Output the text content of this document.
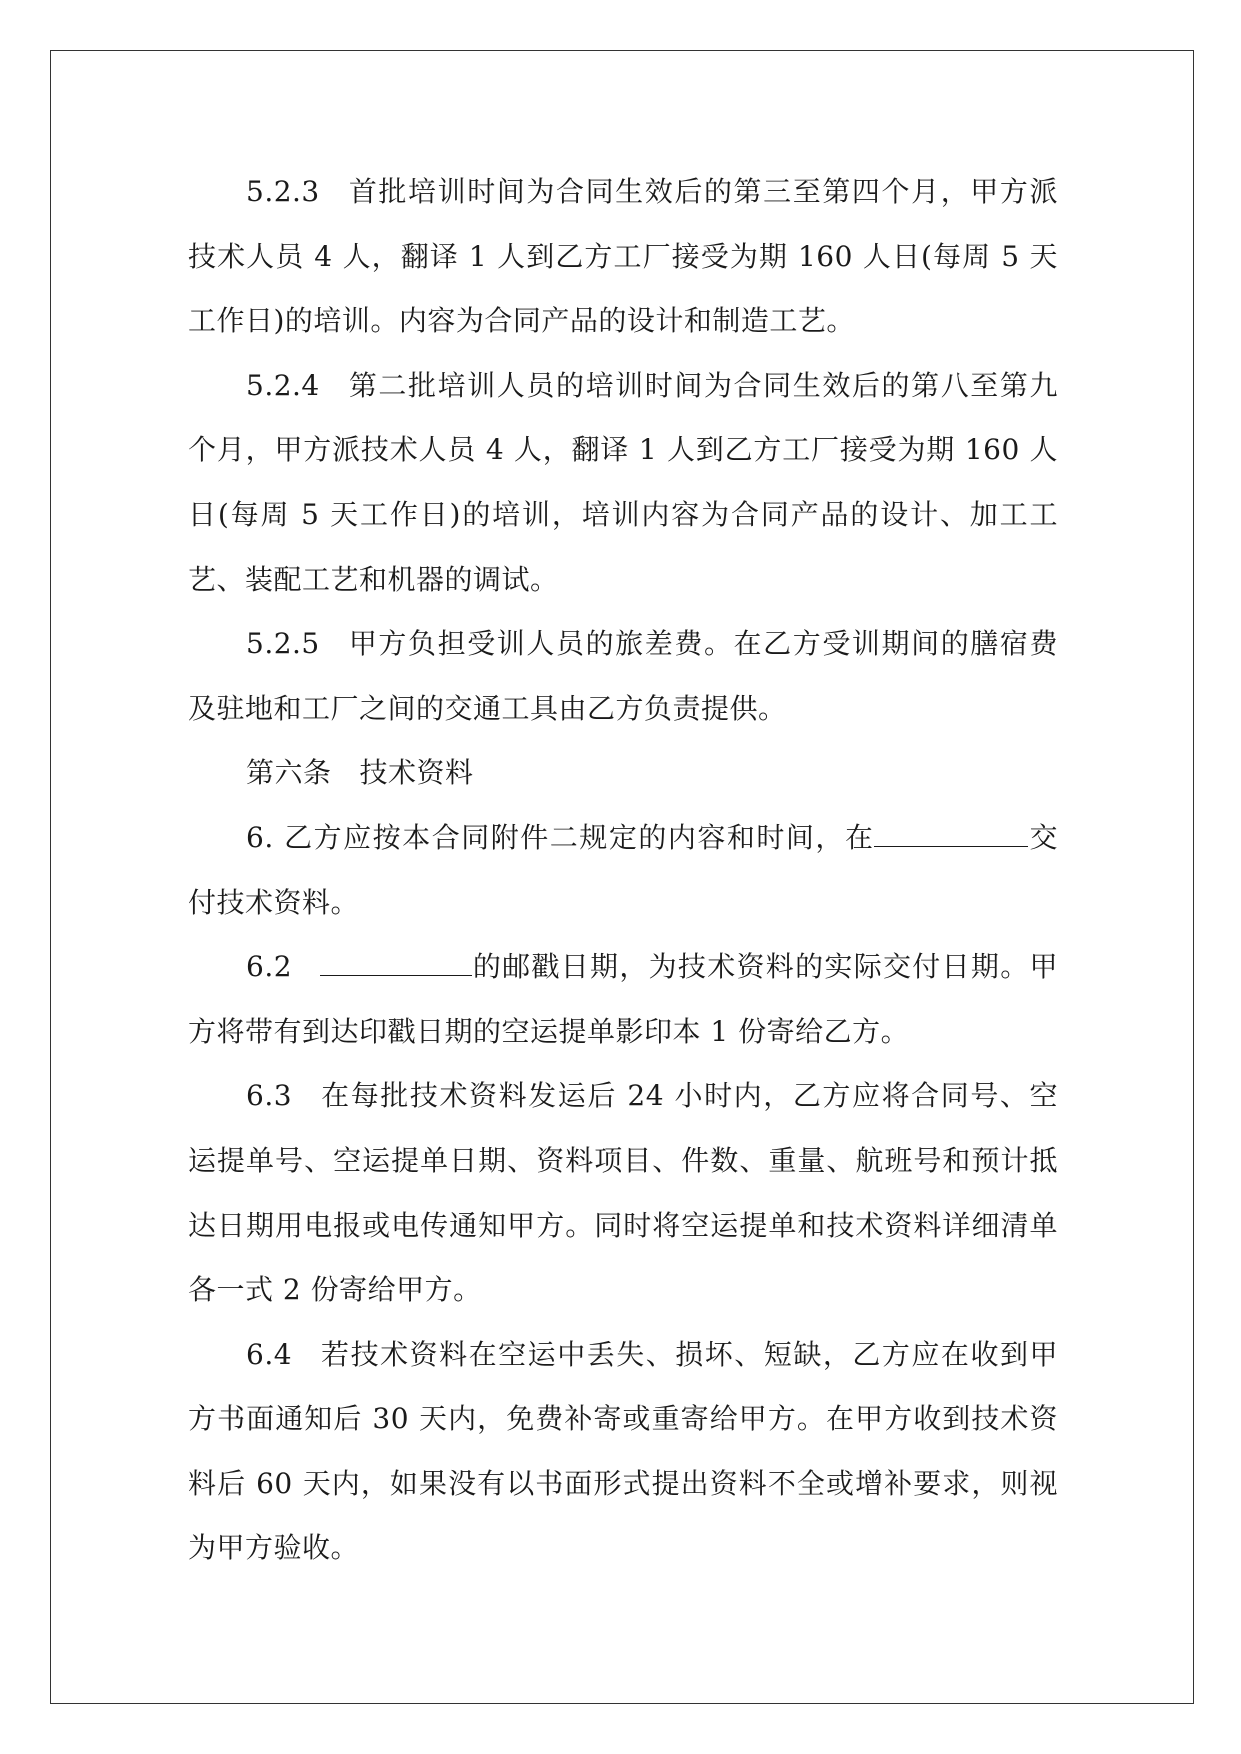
5.2.3 首批培训时间为合同生效后的第三至第四个月，甲方派技术人员 4 人，翻译 1 人到乙方工厂接受为期 160 人日(每周 5 天工作日)的培训。内容为合同产品的设计和制造工艺。

5.2.4 第二批培训人员的培训时间为合同生效后的第八至第九个月，甲方派技术人员 4 人，翻译 1 人到乙方工厂接受为期 160 人日(每周 5 天工作日)的培训，培训内容为合同产品的设计、加工工艺、装配工艺和机器的调试。

5.2.5 甲方负担受训人员的旅差费。在乙方受训期间的膳宿费及驻地和工厂之间的交通工具由乙方负责提供。

第六条 技术资料

6. 乙方应按本合同附件二规定的内容和时间，在	交付技术资料。

6.2	的邮戳日期，为技术资料的实际交付日期。甲方将带有到达印戳日期的空运提单影印本 1 份寄给乙方。

6.3 在每批技术资料发运后 24 小时内，乙方应将合同号、空运提单号、空运提单日期、资料项目、件数、重量、航班号和预计抵达日期用电报或电传通知甲方。同时将空运提单和技术资料详细清单各一式 2 份寄给甲方。

6.4 若技术资料在空运中丢失、损坏、短缺，乙方应在收到甲方书面通知后 30 天内，免费补寄或重寄给甲方。在甲方收到技术资料后 60 天内，如果没有以书面形式提出资料不全或增补要求，则视为甲方验收。
